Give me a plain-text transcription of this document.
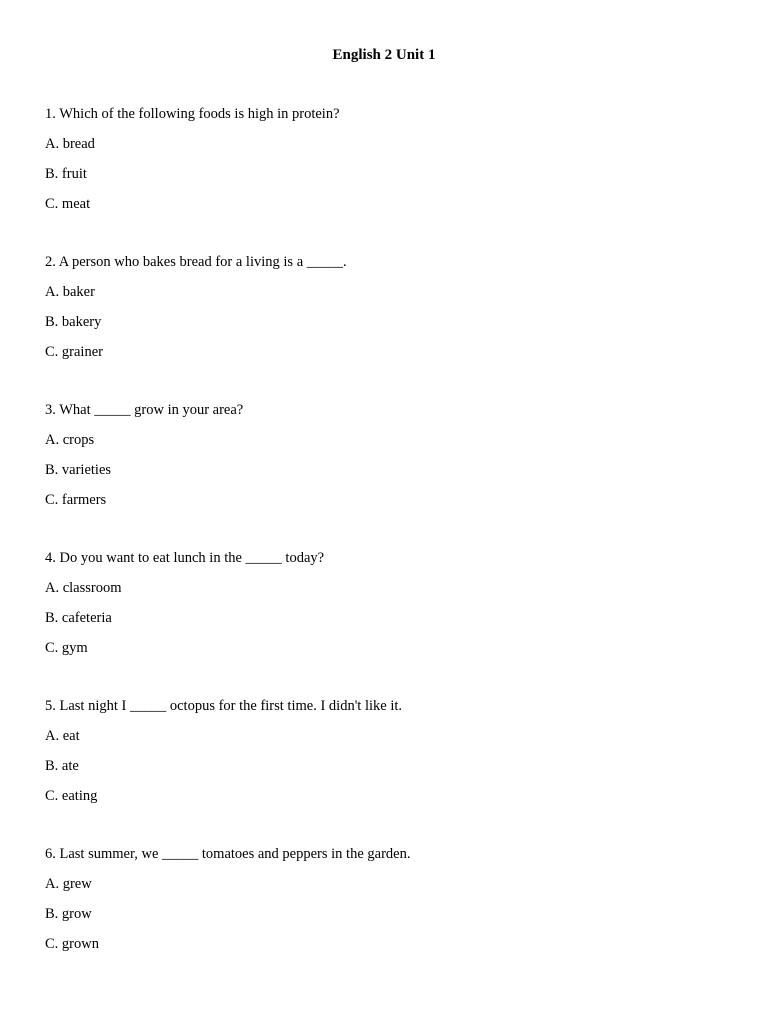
English 2 Unit 1
1. Which of the following foods is high in protein?
A. bread
B. fruit
C. meat
2. A person who bakes bread for a living is a _____.
A. baker
B. bakery
C. grainer
3. What _____ grow in your area?
A. crops
B. varieties
C. farmers
4. Do you want to eat lunch in the _____ today?
A. classroom
B. cafeteria
C. gym
5. Last night I _____ octopus for the first time. I didn't like it.
A. eat
B. ate
C. eating
6. Last summer, we _____ tomatoes and peppers in the garden.
A. grew
B. grow
C. grown
